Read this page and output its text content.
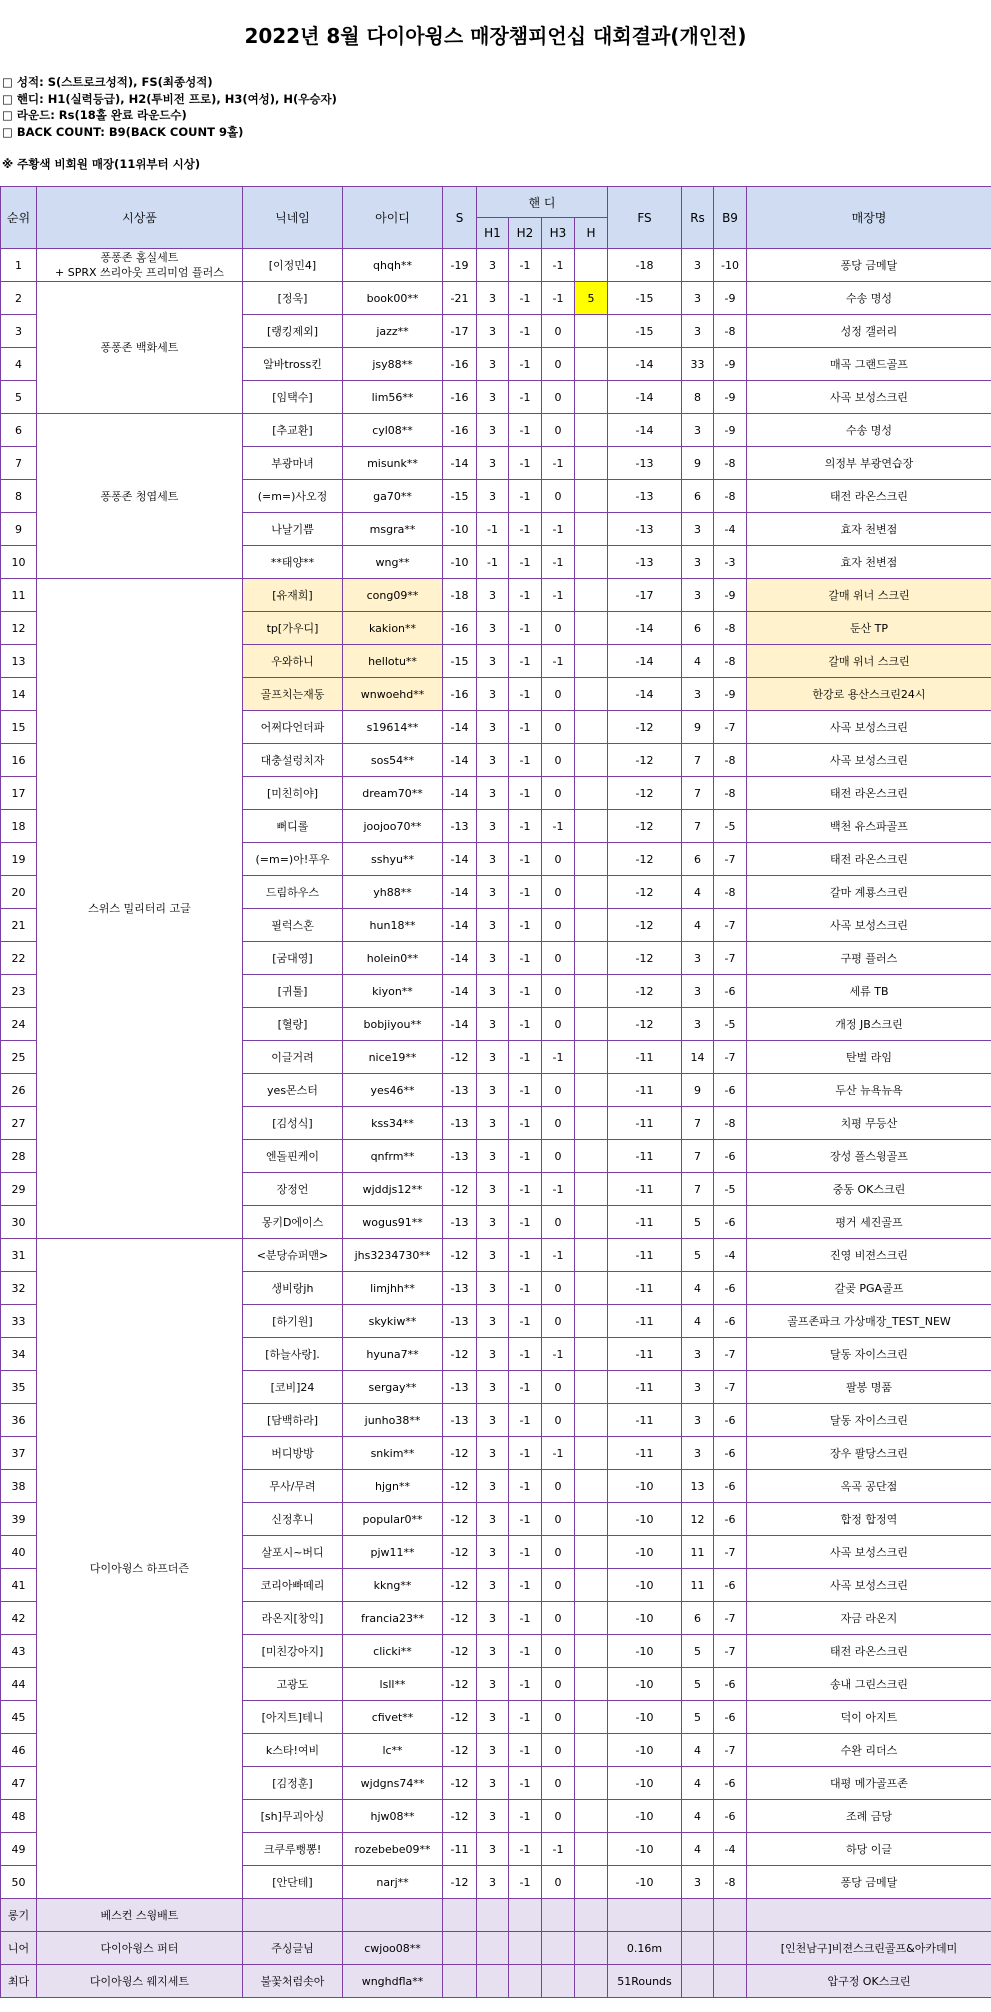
2022년 8월 다이아윙스 매장챔피언십 대회결과(개인전)
□ 성적: S(스트로크성적), FS(최종성적)
□ 핸디: H1(실력등급), H2(투비전 프로), H3(여성), H(우승자)
□ 라운드: Rs(18홀 완료 라운드수)
□ BACK COUNT: B9(BACK COUNT 9홀)
※ 주황색 비회원 매장(11위부터 시상)
순위	시상품	닉네임	아이디	S	핸 디				FS	Rs	B9	매장명
					H1	H2	H3	H				
1	퐁퐁존 홈실세트
+ SPRX 쓰리아웃 프리미엄 플러스	[이정민4]	qhqh**	-19	3	-1	-1		-18	3	-10	퐁당 금메달
2	퐁퐁존 백화세트	[정욱]	book00**	-21	3	-1	-1	5	-15	3	-9	수송 명성
3		[랭킹제외]	jazz**	-17	3	-1	0		-15	3	-8	성정 갤러리
4		알바tross킨	jsy88**	-16	3	-1	0		-14	33	-9	매곡 그랜드골프
5		[임택수]	lim56**	-16	3	-1	0		-14	8	-9	사곡 보성스크린
6	퐁퐁존 청엽세트	[추교환]	cyl08**	-16	3	-1	0		-14	3	-9	수송 명성
7		부광마녀	misunk**	-14	3	-1	-1		-13	9	-8	의정부 부광연습장
8		(=m=)사오정	ga70**	-15	3	-1	0		-13	6	-8	태전 라온스크린
9		나날기쁨	msgra**	-10	-1	-1	-1		-13	3	-4	효자 천변점
10		**태양**	wng**	-10	-1	-1	-1		-13	3	-3	효자 천변점
11	스위스 밀리터리 고글	[유재희]	cong09**	-18	3	-1	-1		-17	3	-9	갈매 위너 스크린
12		tp[가우디]	kakion**	-16	3	-1	0		-14	6	-8	둔산 TP
13		우와하니	hellotu**	-15	3	-1	-1		-14	4	-8	갈매 위너 스크린
14		골프치는재동	wnwoehd**	-16	3	-1	0		-14	3	-9	한강로 용산스크린24시
15		어쩌다언더파	s19614**	-14	3	-1	0		-12	9	-7	사곡 보성스크린
16		대충설렁치자	sos54**	-14	3	-1	0		-12	7	-8	사곡 보성스크린
17		[미친히야]	dream70**	-14	3	-1	0		-12	7	-8	태전 라온스크린
18		뻐디롤	joojoo70**	-13	3	-1	-1		-12	7	-5	백천 유스파골프
19		(=m=)아!푸우	sshyu**	-14	3	-1	0		-12	6	-7	태전 라온스크린
20		드림하우스	yh88**	-14	3	-1	0		-12	4	-8	갈마 계룡스크린
21		필럭스혼	hun18**	-14	3	-1	0		-12	4	-7	사곡 보성스크린
22		[굼대영]	holein0**	-14	3	-1	0		-12	3	-7	구평 플러스
23		[귀툴]	kiyon**	-14	3	-1	0		-12	3	-6	세류 TB
24		[혈랑]	bobjiyou**	-14	3	-1	0		-12	3	-5	개정 JB스크린
25		이글거려	nice19**	-12	3	-1	-1		-11	14	-7	탄벌 라임
26		yes몬스터	yes46**	-13	3	-1	0		-11	9	-6	두산 뉴욕뉴욕
27		[김성식]	kss34**	-13	3	-1	0		-11	7	-8	치평 무등산
28		엔돌핀케이	qnfrm**	-13	3	-1	0		-11	7	-6	장성 폴스윙골프
29		장정언	wjddjs12**	-12	3	-1	-1		-11	7	-5	중동 OK스크린
30		몽키D에이스	wogus91**	-13	3	-1	0		-11	5	-6	평거 세진골프
31	다이아윙스 하프더즌	<분당슈퍼맨>	jhs3234730**	-12	3	-1	-1		-11	5	-4	진영 비젼스크린
32		생비랑jh	limjhh**	-13	3	-1	0		-11	4	-6	갈곶 PGA골프
33		[하기원]	skykiw**	-13	3	-1	0		-11	4	-6	골프존파크 가상매장_TEST_NEW
34		[하늘사랑].	hyuna7**	-12	3	-1	-1		-11	3	-7	달동 자이스크린
35		[코비]24	sergay**	-13	3	-1	0		-11	3	-7	팔봉 명품
36		[담백하라]	junho38**	-13	3	-1	0		-11	3	-6	달동 자이스크린
37		버디방방	snkim**	-12	3	-1	-1		-11	3	-6	장우 팔당스크린
38		무사/무려	hjgn**	-12	3	-1	0		-10	13	-6	옥곡 공단점
39		신정후니	popular0**	-12	3	-1	0		-10	12	-6	합정 합정역
40		살포시~버디	pjw11**	-12	3	-1	0		-10	11	-7	사곡 보성스크린
41		코리아빠떼리	kkng**	-12	3	-1	0		-10	11	-6	사곡 보성스크린
42		라온지[창익]	francia23**	-12	3	-1	0		-10	6	-7	자금 라온지
43		[미친강아지]	clicki**	-12	3	-1	0		-10	5	-7	태전 라온스크린
44		고광도	lsll**	-12	3	-1	0		-10	5	-6	송내 그린스크린
45		[아지트]테니	cfivet**	-12	3	-1	0		-10	5	-6	덕이 아지트
46		k스타!여비	lc**	-12	3	-1	0		-10	4	-7	수완 리더스
47		[김정훈]	wjdgns74**	-12	3	-1	0		-10	4	-6	대평 메가골프존
48		[sh]무괴아싱	hjw08**	-12	3	-1	0		-10	4	-6	조례 금당
49		크쿠루뻥뽕!	rozebebe09**	-11	3	-1	-1		-10	4	-4	하당 이글
50		[안단테]	narj**	-12	3	-1	0		-10	3	-8	퐁당 금메달
롱기	베스컨 스윙배트											
니어	다이아윙스 퍼터	주싱글님	cwjoo08**						0.16m			[인천남구]비젼스크린골프&아카데미
최다	다이아윙스 웨지세트	불꽃처럼솟아	wnghdfla**						51Rounds			압구정 OK스크린
